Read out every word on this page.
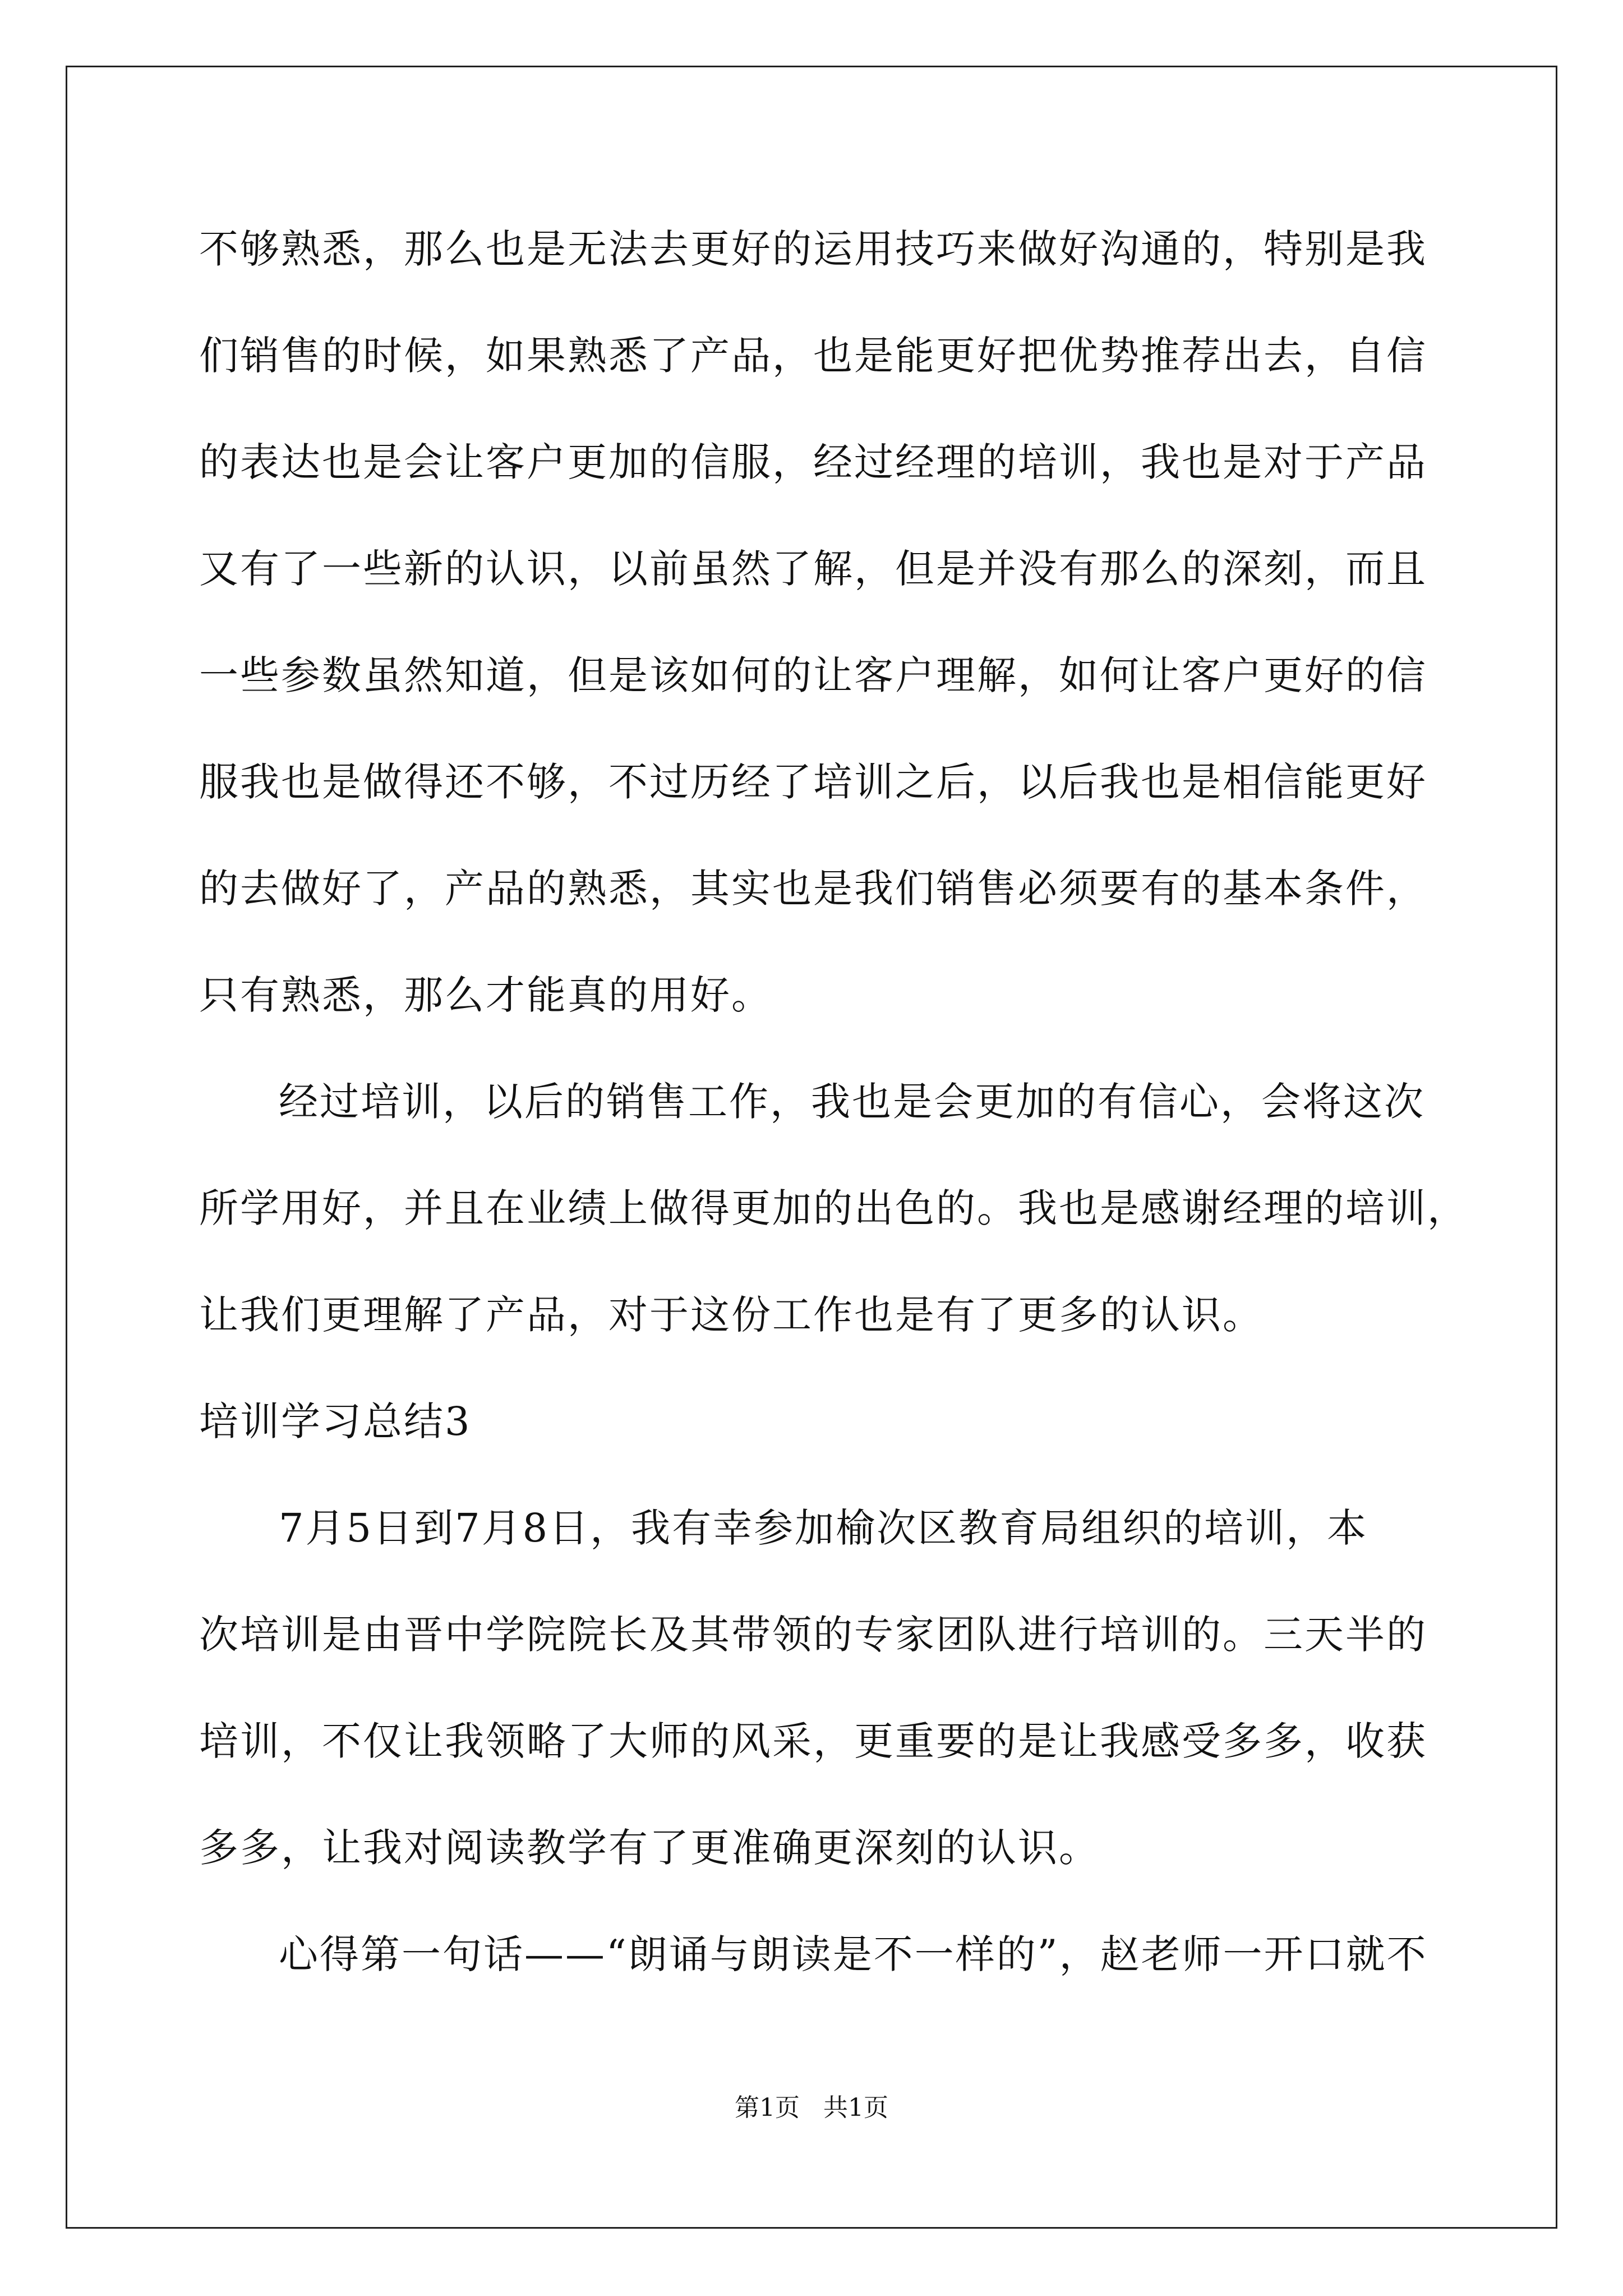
不够熟悉，那么也是无法去更好的运用技巧来做好沟通的，特别是我
们销售的时候，如果熟悉了产品，也是能更好把优势推荐出去，自信
的表达也是会让客户更加的信服，经过经理的培训，我也是对于产品
又有了一些新的认识，以前虽然了解，但是并没有那么的深刻，而且
一些参数虽然知道，但是该如何的让客户理解，如何让客户更好的信
服我也是做得还不够，不过历经了培训之后，以后我也是相信能更好
的去做好了，产品的熟悉，其实也是我们销售必须要有的基本条件，
只有熟悉，那么才能真的用好。
经过培训，以后的销售工作，我也是会更加的有信心，会将这次
所学用好，并且在业绩上做得更加的出色的。我也是感谢经理的培训，
让我们更理解了产品，对于这份工作也是有了更多的认识。
培训学习总结3
7月5日到7月8日，我有幸参加榆次区教育局组织的培训，本
次培训是由晋中学院院长及其带领的专家团队进行培训的。三天半的
培训，不仅让我领略了大师的风采，更重要的是让我感受多多，收获
多多，让我对阅读教学有了更准确更深刻的认识。
心得第一句话——“朗诵与朗读是不一样的”，赵老师一开口就不
第1页   共1页
